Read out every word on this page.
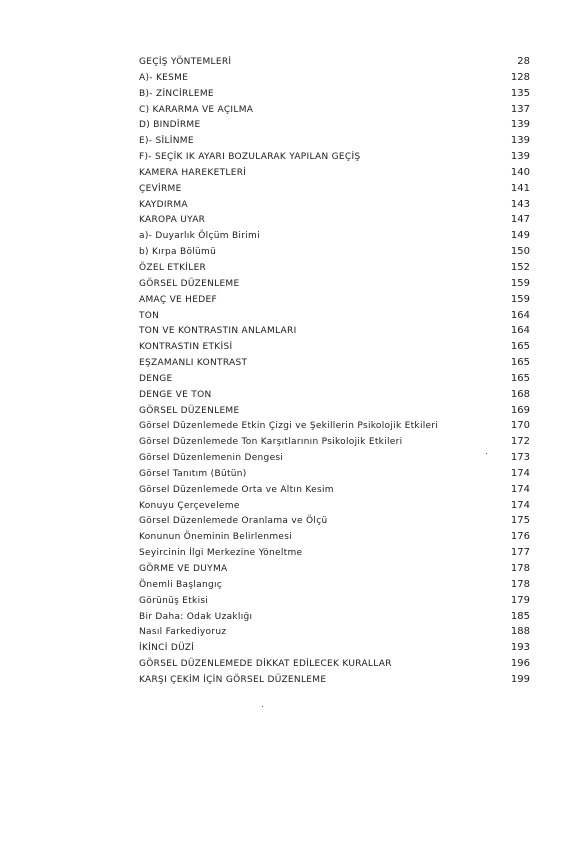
GEÇİŞ YÖNTEMLERİ	28
A)- KESME	128
B)- ZİNCİRLEME	135
C) KARARMA VE AÇILMA	137
D) BINDİRME	139
E)- SİLİNME	139
F)- SEÇİK IK AYARI BOZULARAK YAPILAN GEÇİŞ	139
KAMERA HAREKETLERİ	140
ÇEVİRME	141
KAYDIRMA	143
KAROPA UYAR	147
a)- Duyarlık Ölçüm Birimi	149
b) Kırpa Bölümü	150
ÖZEL ETKİLER	152
GÖRSEL DÜZENLEME	159
AMAÇ VE HEDEF	159
TON	164
TON VE KONTRASTIN ANLAMLARI	164
KONTRASTIN ETKİSİ	165
EŞZAMANLI KONTRAST	165
DENGE	165
DENGE VE TON	168
GÖRSEL DÜZENLEME	169
Görsel Düzenlemede Etkin Çizgi ve Şekillerin Psikolojik Etkileri	170
Görsel Düzenlemede Ton Karşıtlarının Psikolojik Etkileri	172
Görsel Düzenlemenin Dengesi	173
Görsel Tanıtım (Bütün)	174
Görsel Düzenlemede Orta ve Altın Kesim	174
Konuyu Çerçeveleme	174
Görsel Düzenlemede Oranlama ve Ölçü	175
Konunun Öneminin Belirlenmesi	176
Seyircinin İlgi Merkezine Yöneltme	177
GÖRME VE DUYMA	178
Önemli Başlangıç	178
Görünüş Etkisi	179
Bir Daha: Odak Uzaklığı	185
Nasıl Farkediyoruz	188
İKİNCİ DÜZİ	193
GÖRSEL DÜZENLEMEDE DİKKAT EDİLECEK KURALLAR	196
KARŞI ÇEKİM İÇİN GÖRSEL DÜZENLEME	199
